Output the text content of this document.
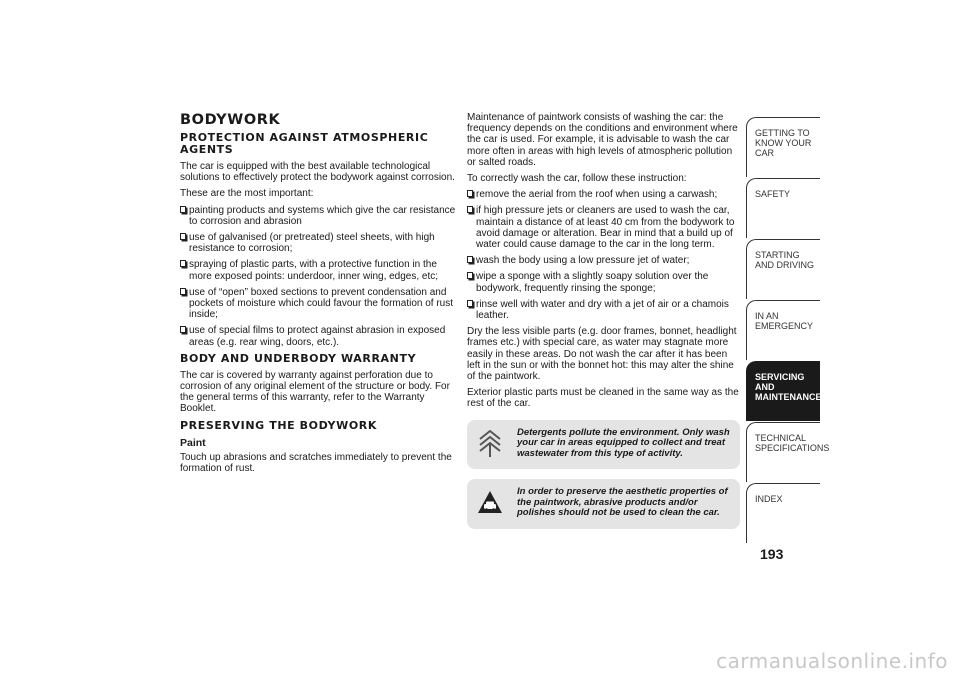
BODYWORK
PROTECTION AGAINST ATMOSPHERIC AGENTS

The car is equipped with the best available technological solutions to effectively protect the bodywork against corrosion.

These are the most important:

painting products and systems which give the car resistance to corrosion and abrasion
use of galvanised (or pretreated) steel sheets, with high resistance to corrosion;
spraying of plastic parts, with a protective function in the more exposed points: underdoor, inner wing, edges, etc;
use of “open” boxed sections to prevent condensation and pockets of moisture which could favour the formation of rust inside;
use of special films to protect against abrasion in exposed areas (e.g. rear wing, doors, etc.).
BODY AND UNDERBODY WARRANTY

The car is covered by warranty against perforation due to corrosion of any original element of the structure or body. For the general terms of this warranty, refer to the Warranty Booklet.

PRESERVING THE BODYWORK
Paint

Touch up abrasions and scratches immediately to prevent the formation of rust.

Maintenance of paintwork consists of washing the car: the frequency depends on the conditions and environment where the car is used. For example, it is advisable to wash the car more often in areas with high levels of atmospheric pollution or salted roads.

To correctly wash the car, follow these instruction:

remove the aerial from the roof when using a carwash;
if high pressure jets or cleaners are used to wash the car, maintain a distance of at least 40 cm from the bodywork to avoid damage or alteration. Bear in mind that a build up of water could cause damage to the car in the long term.
wash the body using a low pressure jet of water;
wipe a sponge with a slightly soapy solution over the bodywork, frequently rinsing the sponge;
rinse well with water and dry with a jet of air or a chamois leather.

Dry the less visible parts (e.g. door frames, bonnet, headlight frames etc.) with special care, as water may stagnate more easily in these areas. Do not wash the car after it has been left in the sun or with the bonnet hot: this may alter the shine of the paintwork.

Exterior plastic parts must be cleaned in the same way as the rest of the car.

Detergents pollute the environment. Only wash your car in areas equipped to collect and treat wastewater from this type of activity.
In order to preserve the aesthetic properties of the paintwork, abrasive products and/or polishes should not be used to clean the car.
GETTING TO KNOW YOUR CAR
SAFETY
STARTING AND DRIVING
IN AN EMERGENCY
SERVICING AND MAINTENANCE
TECHNICAL SPECIFICATIONS
INDEX
193
carmanualsonline.info
